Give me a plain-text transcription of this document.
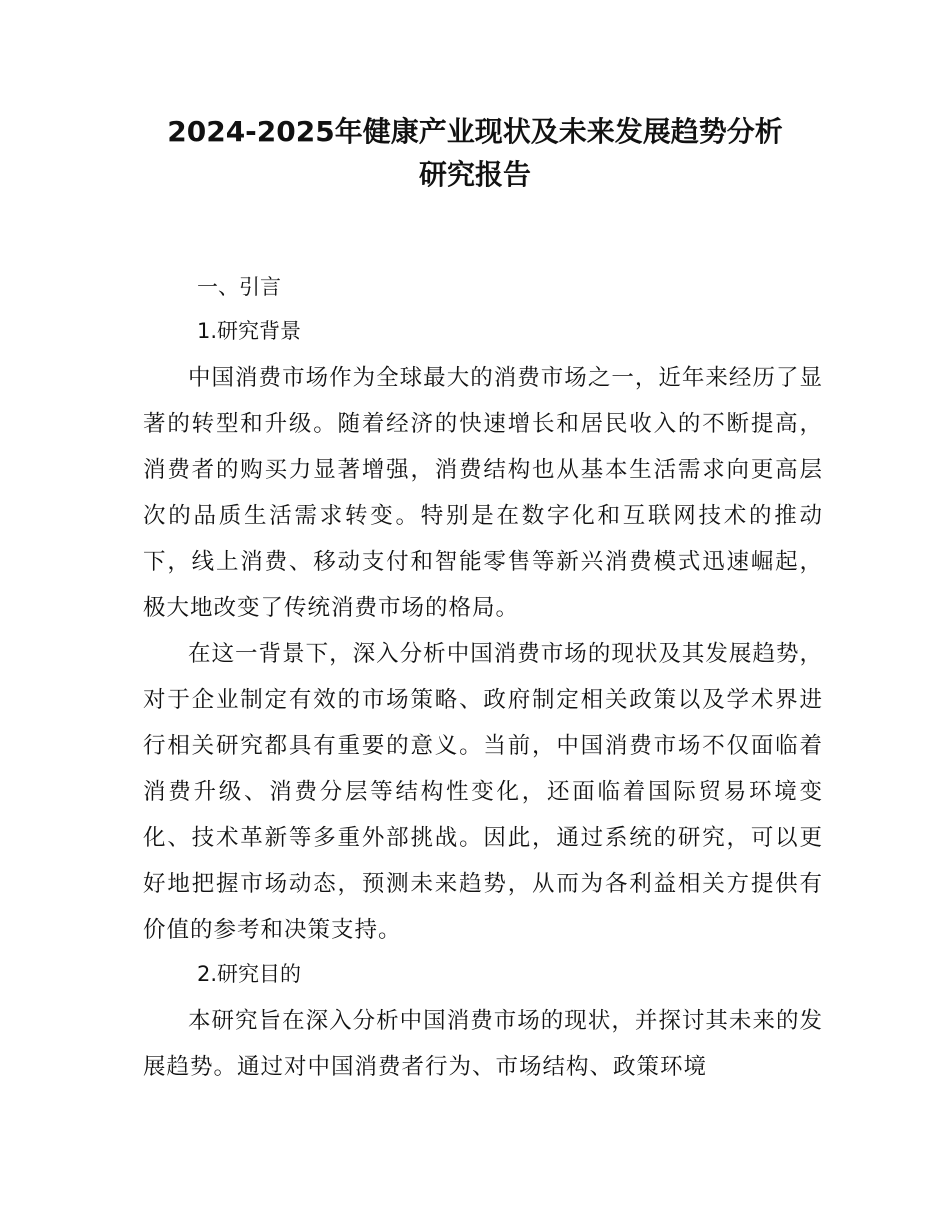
2024-2025年健康产业现状及未来发展趋势分析
研究报告
一、引言
1.研究背景

中国消费市场作为全球最大的消费市场之一，近年来经历了显著的转型和升级。随着经济的快速增长和居民收入的不断提高，消费者的购买力显著增强，消费结构也从基本生活需求向更高层次的品质生活需求转变。特别是在数字化和互联网技术的推动下，线上消费、移动支付和智能零售等新兴消费模式迅速崛起，极大地改变了传统消费市场的格局。

在这一背景下，深入分析中国消费市场的现状及其发展趋势，对于企业制定有效的市场策略、政府制定相关政策以及学术界进行相关研究都具有重要的意义。当前，中国消费市场不仅面临着消费升级、消费分层等结构性变化，还面临着国际贸易环境变化、技术革新等多重外部挑战。因此，通过系统的研究，可以更好地把握市场动态，预测未来趋势，从而为各利益相关方提供有价值的参考和决策支持。

2.研究目的

本研究旨在深入分析中国消费市场的现状，并探讨其未来的发展趋势。通过对中国消费者行为、市场结构、政策环境
